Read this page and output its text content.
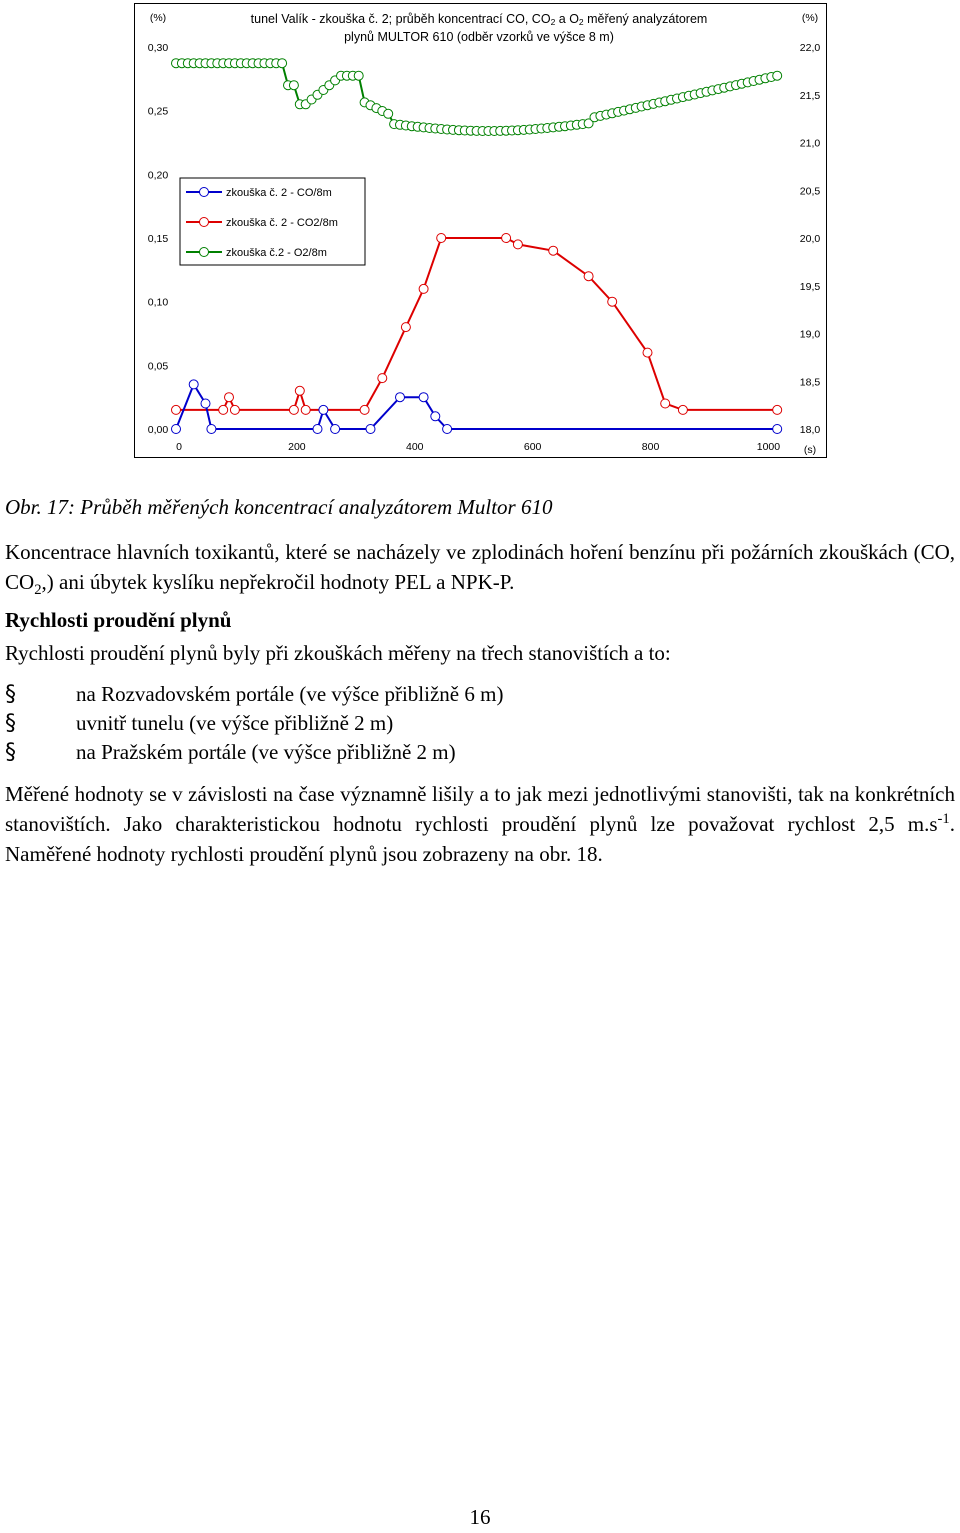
tunel Valík - zkouška č. 2; průběh koncentrací CO, CO2 a O2 měřený analyzátorem
plynů MULTOR 610 (odběr vzorků ve výšce 8 m)
(%)	(%)
(s)
0,30
0,25
0,20
0,15
0,10
0,05
0,00
22,0
21,5
21,0
20,5
20,0
19,5
19,0
18,5
18,0
0	200	400	600	800	1000
zkouška č. 2 - CO/8m
zkouška č. 2 - CO2/8m
zkouška č.2 - O2/8m
Obr. 17: Průběh měřených koncentrací analyzátorem Multor 610
Koncentrace hlavních toxikantů, které se nacházely ve zplodinách hoření benzínu při požárních zkouškách (CO, $CO_2$,) ani úbytek kyslíku nepřekročil hodnoty PEL a NPK-P.
Rychlosti proudění plynů
Rychlosti proudění plynů byly při zkouškách měřeny na třech stanovištích a to:
§	na Rozvadovském portále (ve výšce přibližně 6 m)
§	uvnitř tunelu (ve výšce přibližně 2 m)
§	na Pražském portále (ve výšce přibližně 2 m)
Měřené hodnoty se v závislosti na čase významně lišily a to jak mezi jednotlivými stanovišti, tak na konkrétních stanovištích. Jako charakteristickou hodnotu rychlosti proudění plynů lze považovat rychlost 2,5 $m.s^{-1}$. Naměřené hodnoty rychlosti proudění plynů jsou zobrazeny na obr. 18.
16
